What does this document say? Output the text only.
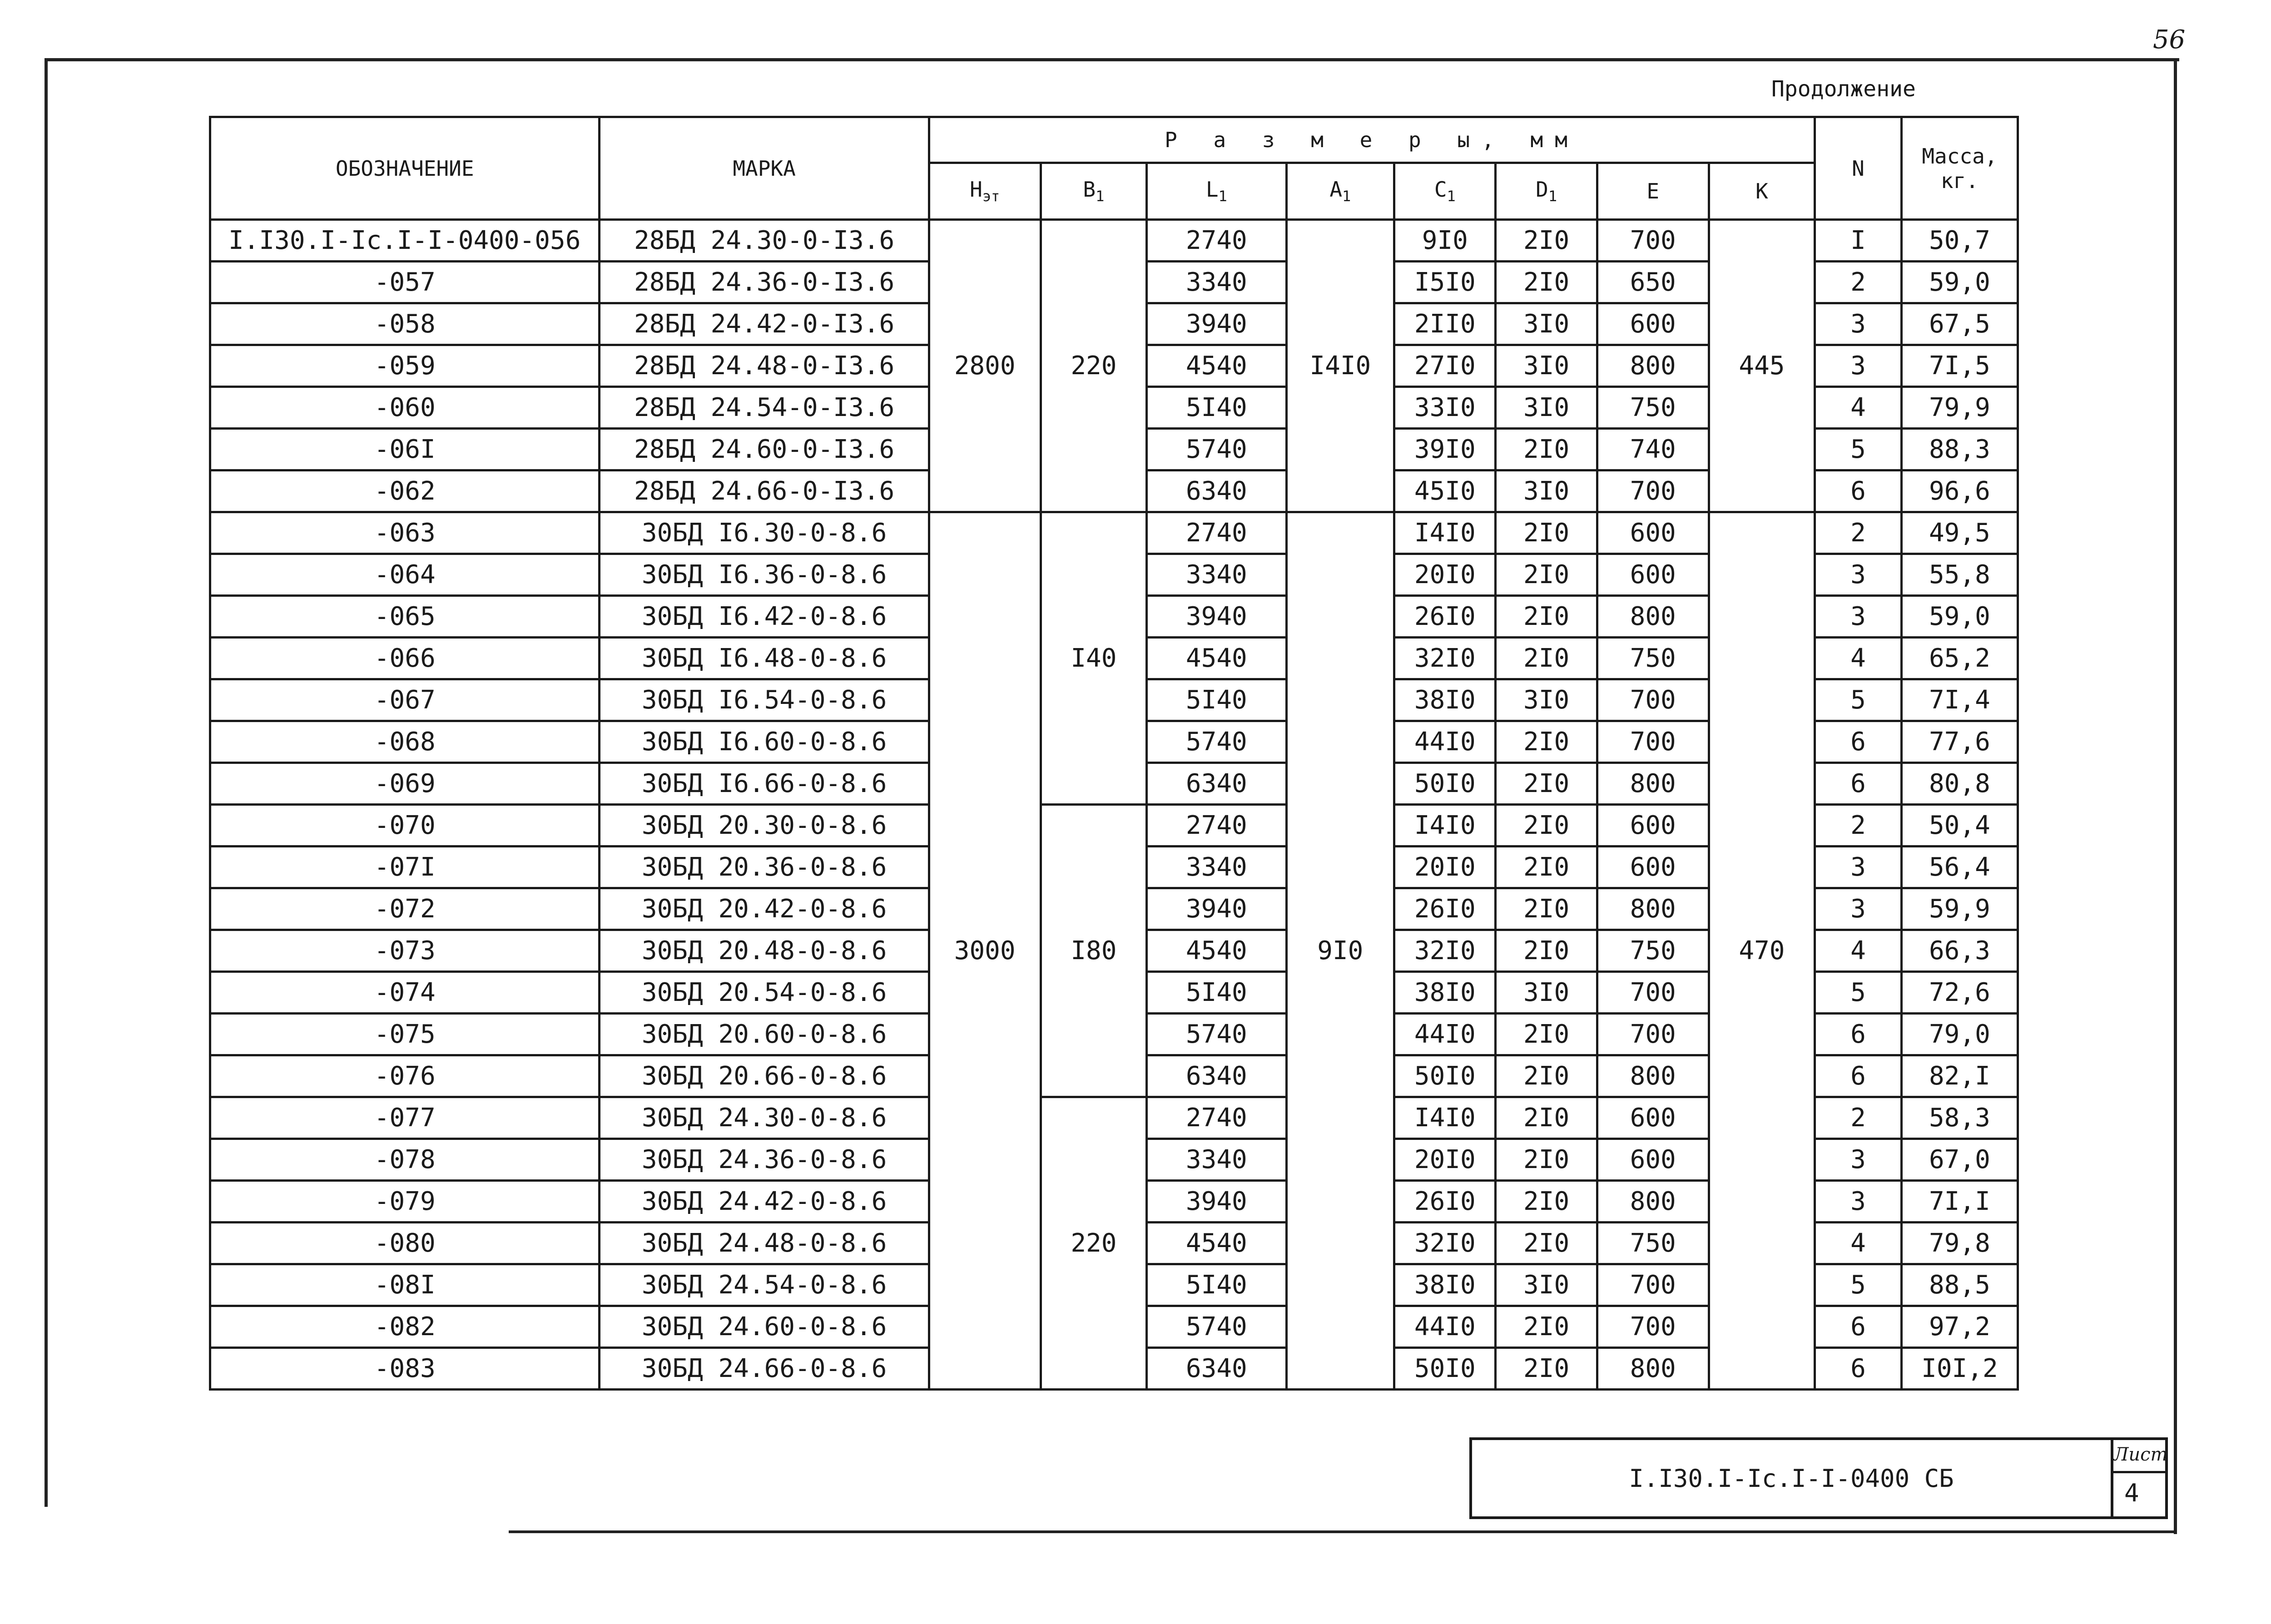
56
Продолжение
ОБОЗНАЧЕНИЕ	МАРКА	Р а з м е р ы, мм								N	Масса, кг.
		$H_{эт}$	$B_1$	$L_1$	$A_1$	$C_1$	$D_1$	E	K		
I.I30.I-Ic.I-I-0400-056	28БД 24.30-0-I3.6	2800	220	2740	I4I0	9I0	2I0	700	445	I	50,7
-057	28БД 24.36-0-I3.6			3340		I5I0	2I0	650		2	59,0
-058	28БД 24.42-0-I3.6			3940		2II0	3I0	600		3	67,5
-059	28БД 24.48-0-I3.6			4540		27I0	3I0	800		3	7I,5
-060	28БД 24.54-0-I3.6			5I40		33I0	3I0	750		4	79,9
-06I	28БД 24.60-0-I3.6			5740		39I0	2I0	740		5	88,3
-062	28БД 24.66-0-I3.6			6340		45I0	3I0	700		6	96,6
-063	30БД I6.30-0-8.6	3000	I40	2740	9I0	I4I0	2I0	600	470	2	49,5
-064	30БД I6.36-0-8.6			3340		20I0	2I0	600		3	55,8
-065	30БД I6.42-0-8.6			3940		26I0	2I0	800		3	59,0
-066	30БД I6.48-0-8.6			4540		32I0	2I0	750		4	65,2
-067	30БД I6.54-0-8.6			5I40		38I0	3I0	700		5	7I,4
-068	30БД I6.60-0-8.6			5740		44I0	2I0	700		6	77,6
-069	30БД I6.66-0-8.6			6340		50I0	2I0	800		6	80,8
-070	30БД 20.30-0-8.6		I80	2740		I4I0	2I0	600		2	50,4
-07I	30БД 20.36-0-8.6			3340		20I0	2I0	600		3	56,4
-072	30БД 20.42-0-8.6			3940		26I0	2I0	800		3	59,9
-073	30БД 20.48-0-8.6			4540		32I0	2I0	750		4	66,3
-074	30БД 20.54-0-8.6			5I40		38I0	3I0	700		5	72,6
-075	30БД 20.60-0-8.6			5740		44I0	2I0	700		6	79,0
-076	30БД 20.66-0-8.6			6340		50I0	2I0	800		6	82,I
-077	30БД 24.30-0-8.6		220	2740		I4I0	2I0	600		2	58,3
-078	30БД 24.36-0-8.6			3340		20I0	2I0	600		3	67,0
-079	30БД 24.42-0-8.6			3940		26I0	2I0	800		3	7I,I
-080	30БД 24.48-0-8.6			4540		32I0	2I0	750		4	79,8
-08I	30БД 24.54-0-8.6			5I40		38I0	3I0	700		5	88,5
-082	30БД 24.60-0-8.6			5740		44I0	2I0	700		6	97,2
-083	30БД 24.66-0-8.6			6340		50I0	2I0	800		6	I0I,2
I.I30.I-Ic.I-I-0400 СБ
Лист
4
